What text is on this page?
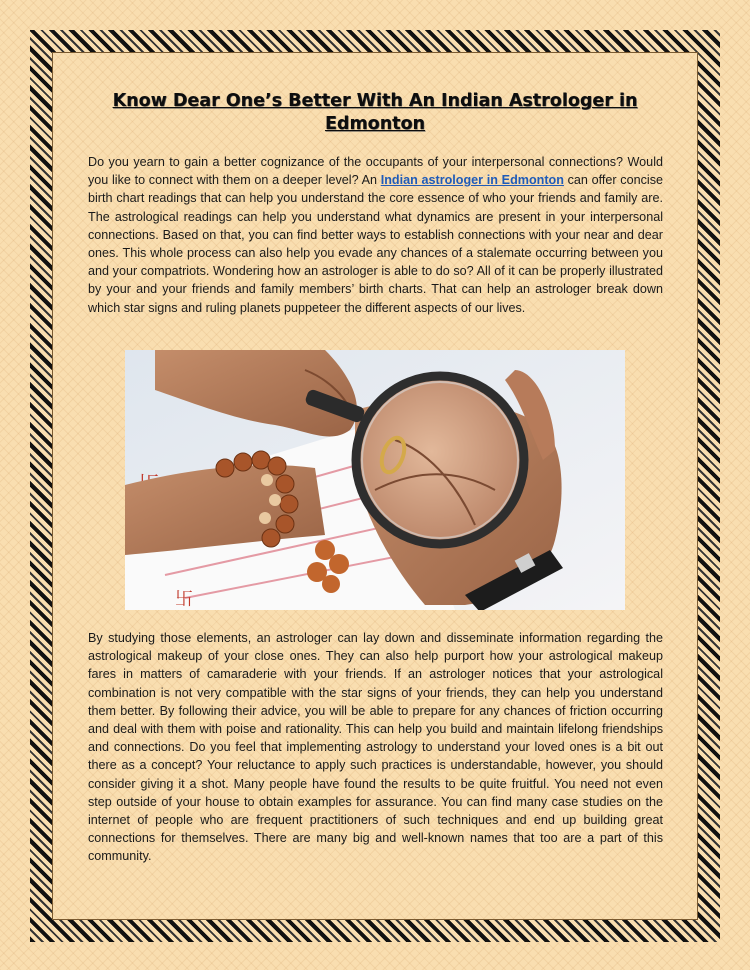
Know Dear One’s Better With An Indian Astrologer in Edmonton

Do you yearn to gain a better cognizance of the occupants of your interpersonal connections? Would you like to connect with them on a deeper level? An Indian astrologer in Edmonton can offer concise birth chart readings that can help you understand the core essence of who your friends and family are. The astrological readings can help you understand what dynamics are present in your interpersonal connections. Based on that, you can find better ways to establish connections with your near and dear ones. This whole process can also help you evade any chances of a stalemate occurring between you and your compatriots. Wondering how an astrologer is able to do so? All of it can be properly illustrated by your and your friends and family members’ birth charts. That can help an astrologer break down which star signs and ruling planets puppeteer the different aspects of our lives.

卐

By studying those elements, an astrologer can lay down and disseminate information regarding the astrological makeup of your close ones. They can also help purport how your astrological makeup fares in matters of camaraderie with your friends. If an astrologer notices that your astrological combination is not very compatible with the star signs of your friends, they can help you understand them better. By following their advice, you will be able to prepare for any chances of friction occurring and deal with them with poise and rationality. This can help you build and maintain lifelong friendships and connections. Do you feel that implementing astrology to understand your loved ones is a bit out there as a concept? Your reluctance to apply such practices is understandable, however, you should consider giving it a shot. Many people have found the results to be quite fruitful. You need not even step outside of your house to obtain examples for assurance. You can find many case studies on the internet of people who are frequent practitioners of such techniques and end up building great connections for themselves. There are many big and well-known names that too are a part of this community.
